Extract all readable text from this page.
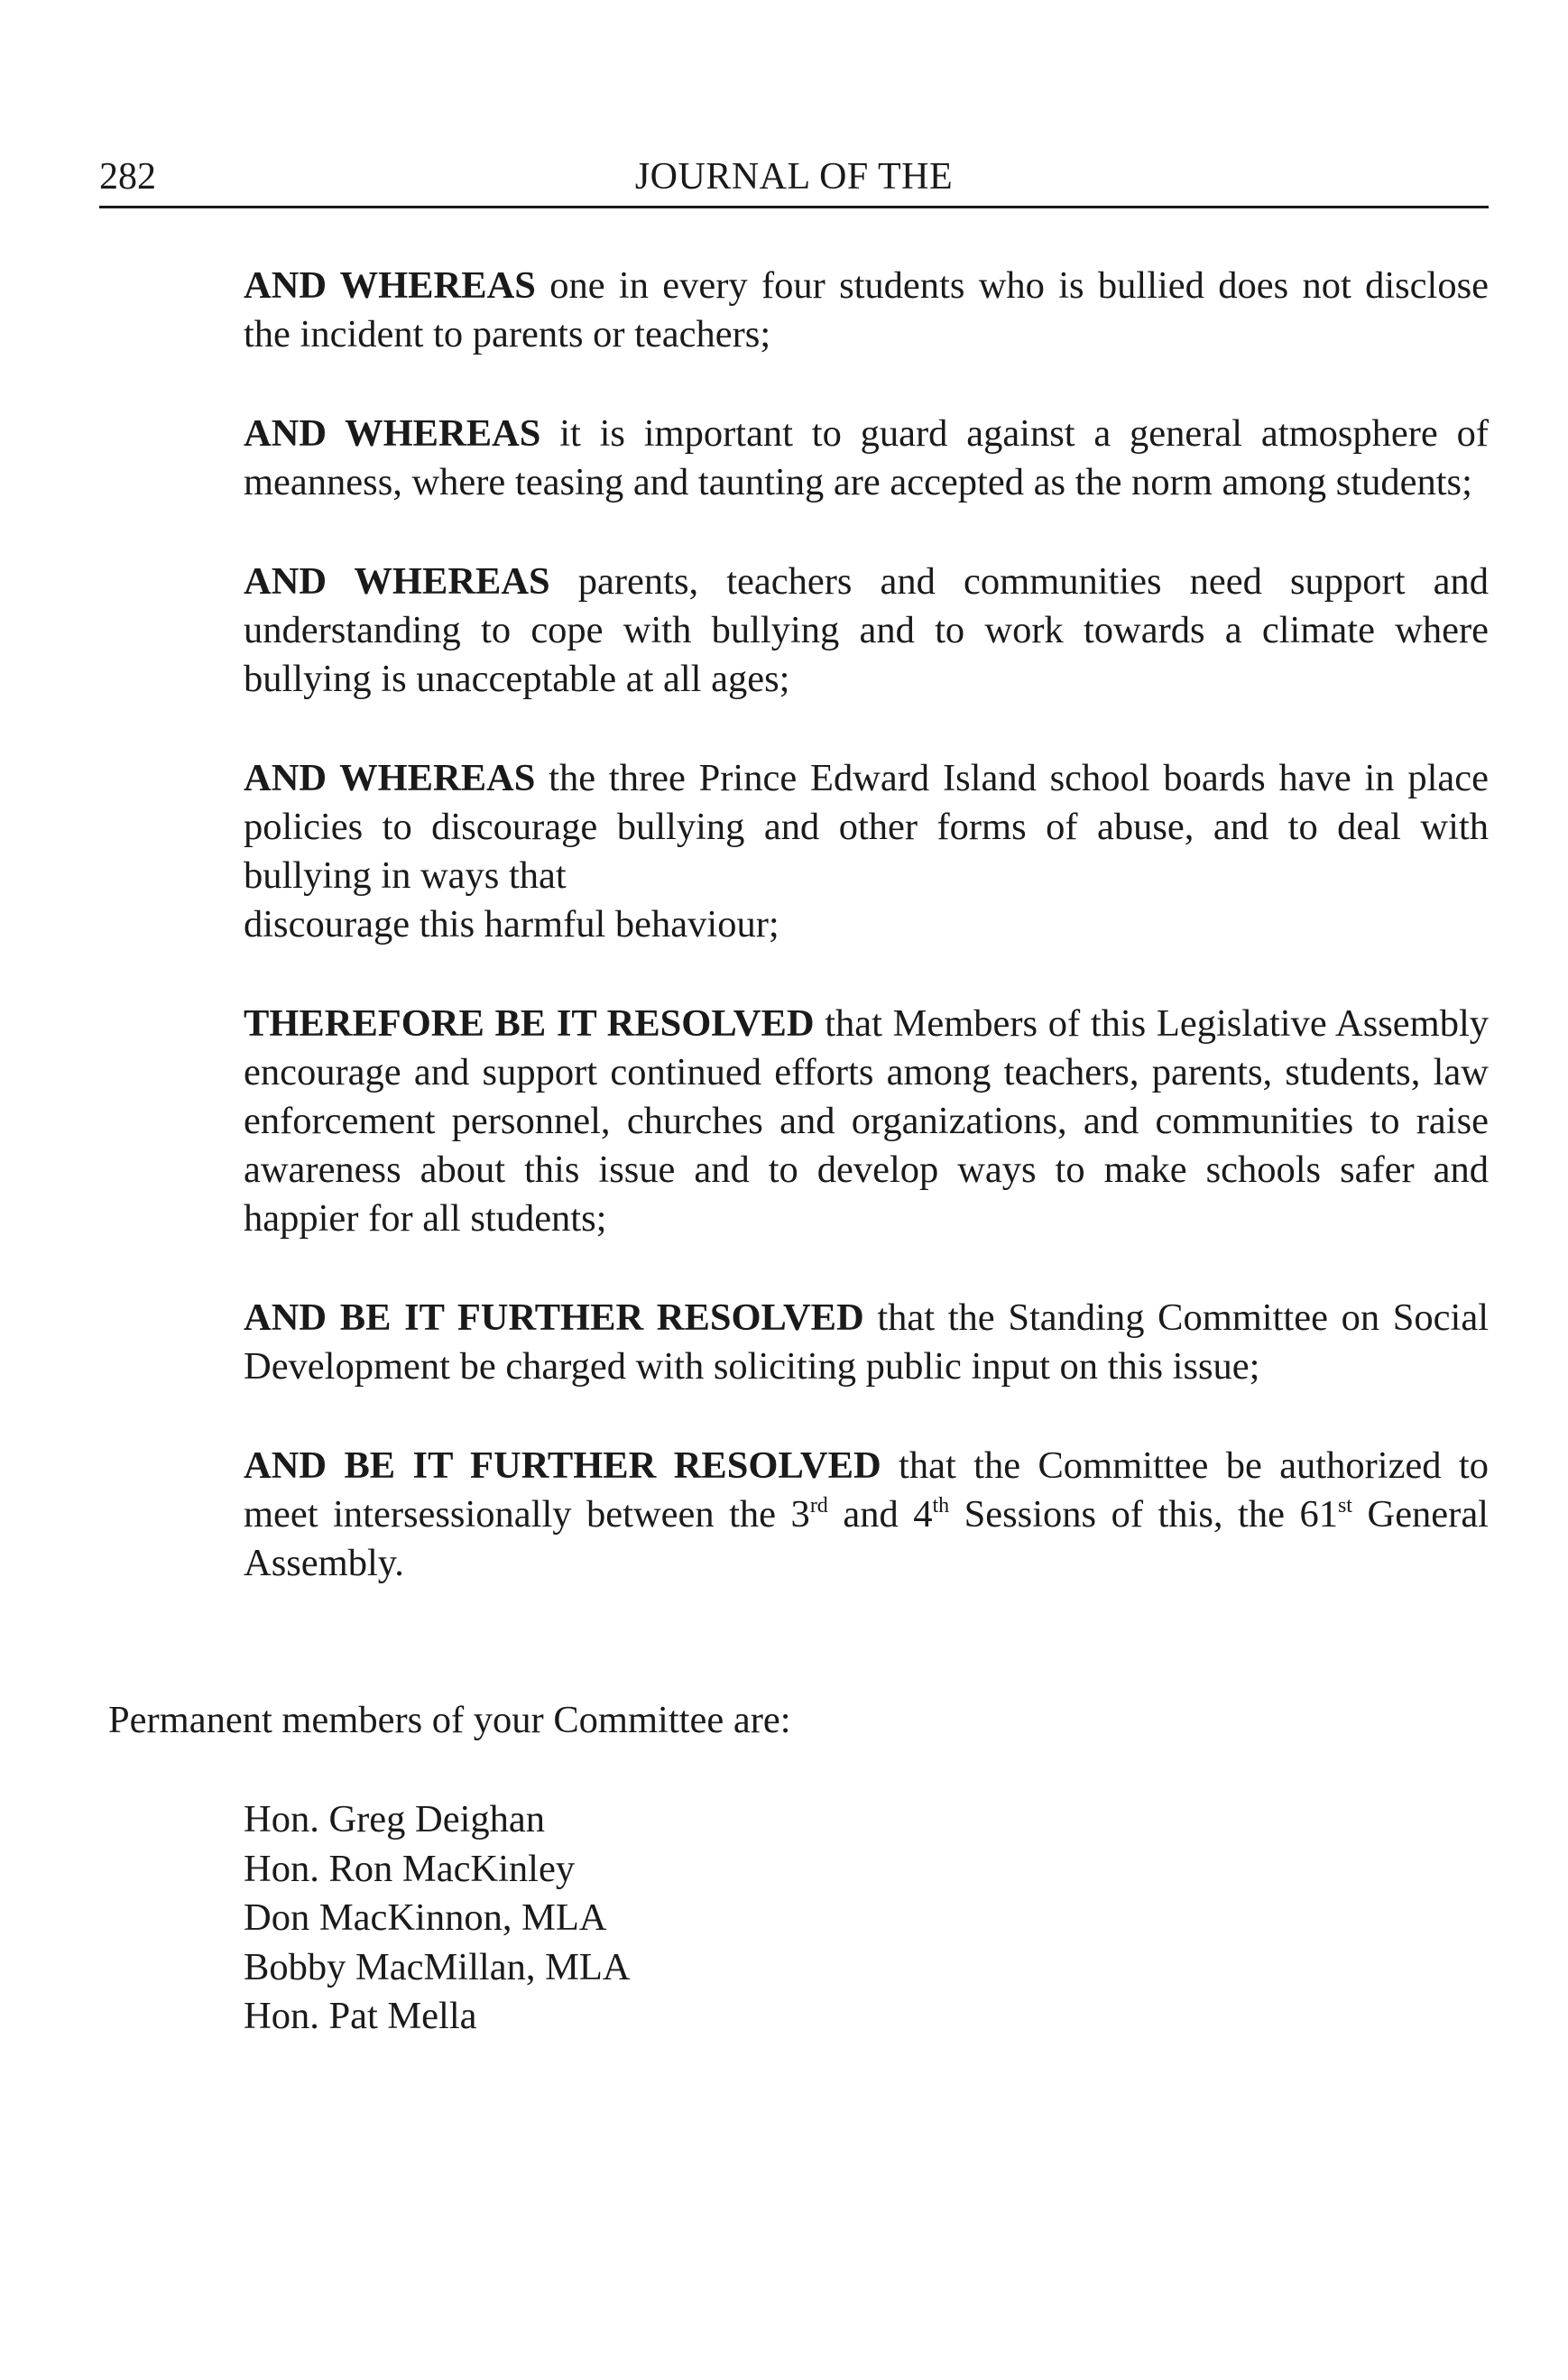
282	JOURNAL OF THE

AND WHEREAS one in every four students who is bullied does not disclose the incident to parents or teachers;

AND WHEREAS it is important to guard against a general atmosphere of meanness, where teasing and taunting are accepted as the norm among students;

AND WHEREAS parents, teachers and communities need support and understanding to cope with bullying and to work towards a climate where bullying is unacceptable at all ages;

AND WHEREAS the three Prince Edward Island school boards have in place policies to discourage bullying and other forms of abuse, and to deal with bullying in ways that
discourage this harmful behaviour;

THEREFORE BE IT RESOLVED that Members of this Legislative Assembly encourage and support continued efforts among teachers, parents, students, law enforcement personnel, churches and organizations, and communities to raise awareness about this issue and to develop ways to make schools safer and happier for all students;

AND BE IT FURTHER RESOLVED that the Standing Committee on Social Development be charged with soliciting public input on this issue;

AND BE IT FURTHER RESOLVED that the Committee be authorized to meet intersessionally between the 3rd and 4th Sessions of this, the 61st General Assembly.

Permanent members of your Committee are:
Hon. Greg Deighan
Hon. Ron MacKinley
Don MacKinnon, MLA
Bobby MacMillan, MLA
Hon. Pat Mella
